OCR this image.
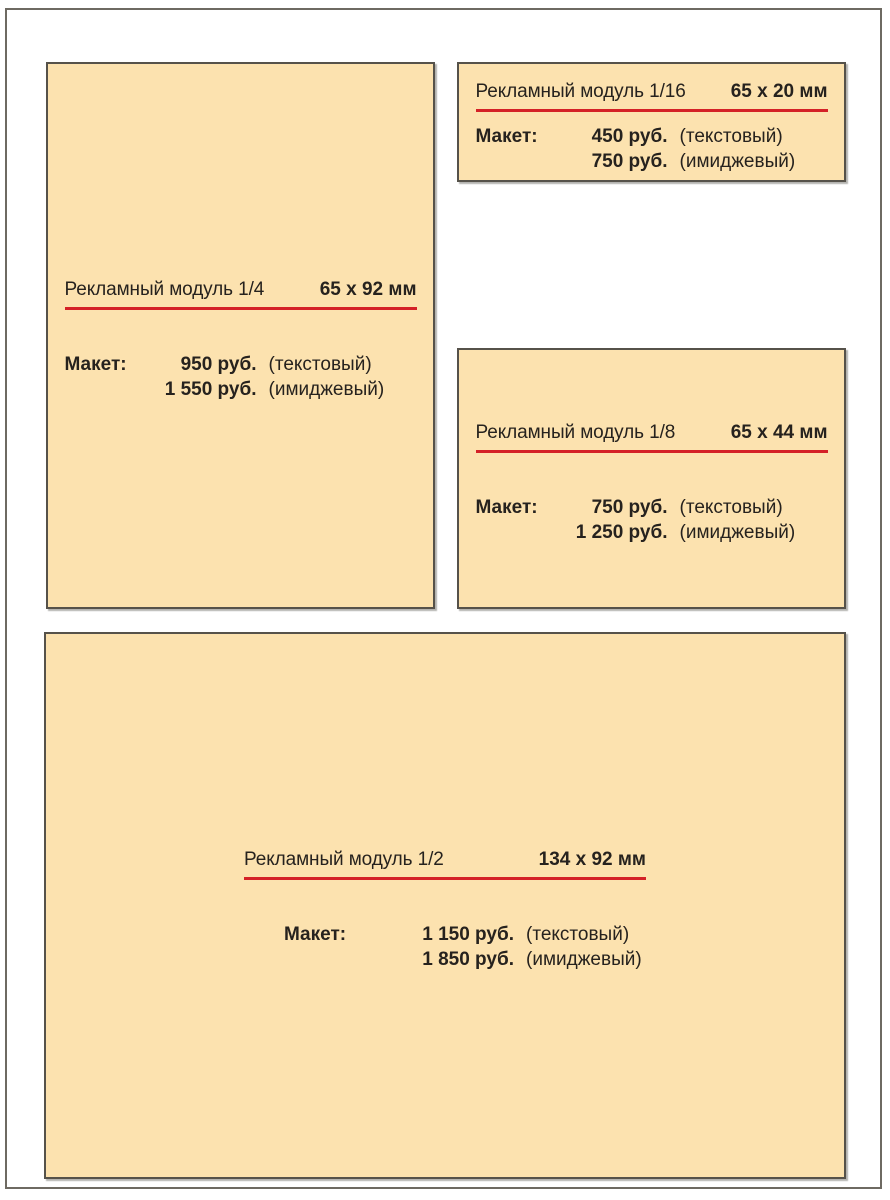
Рекламный модуль 1/4	65 x 92 мм
Макет:	950 руб. (текстовый)
1 550 руб. (имиджевый)
Рекламный модуль 1/16 65 x 20 мм
Макет:	450 руб. (текстовый)
750 руб. (имиджевый)
Рекламный модуль 1/8	65 x 44 мм
Макет:	750 руб. (текстовый)
1 250 руб. (имиджевый)
Рекламный модуль 1/2	134 x 92 мм
Макет:	1 150 руб. (текстовый)
1 850 руб. (имиджевый)
